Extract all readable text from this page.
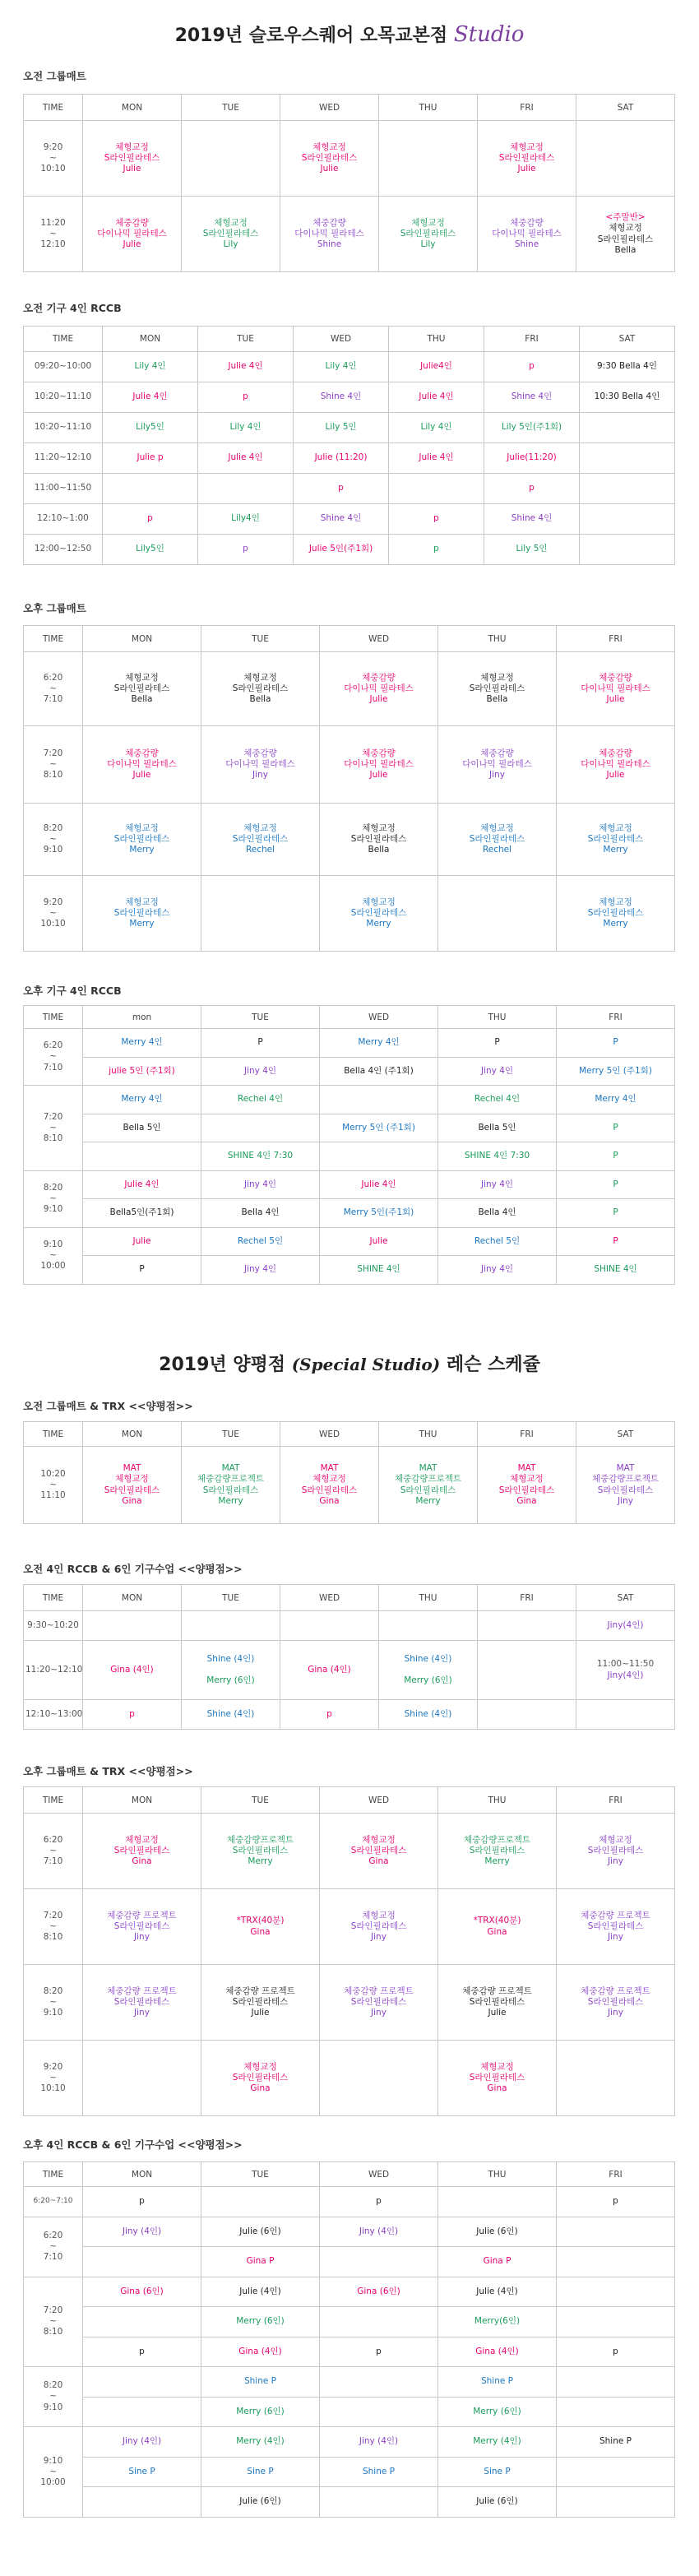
2019년 슬로우스퀘어 오목교본점 Studio
오전 그룹매트
TIME	MON	TUE	WED	THU	FRI	SAT

9:20
~
10:10	체형교정
S라인필라테스
Julie		체형교정
S라인필라테스
Julie		체형교정
S라인필라테스
Julie	

11:20
~
12:10	체중감량
다이나믹 필라테스
Julie	체형교정
S라인필라테스
Lily	체중감량
다이나믹 필라테스
Shine	체형교정
S라인필라테스
Lily	체중감량
다이나믹 필라테스
Shine	<주말반>
체형교정
S라인필라테스
Bella
오전 기구 4인 RCCB
TIME	MON	TUE	WED	THU	FRI	SAT

09:20~10:00	Lily 4인	Julie 4인	Lily 4인	Julie4인	p	9:30 Bella 4인

10:20~11:10	Julie 4인	p	Shine 4인	Julie 4인	Shine 4인	10:30 Bella 4인

10:20~11:10	Lily5인	Lily 4인	Lily 5인	Lily 4인	Lily 5인(주1회)	

11:20~12:10	Julie p	Julie 4인	Julie (11:20)	Julie 4인	Julie(11:20)	

11:00~11:50			p		p	

12:10~1:00	p	Lily4인	Shine 4인	p	Shine 4인	

12:00~12:50	Lily5인	p	Julie 5인(주1회)	p	Lily 5인	

오후 그룹매트
TIME	MON	TUE	WED	THU	FRI

6:20
~
7:10	체형교정
S라인필라테스
Bella	체형교정
S라인필라테스
Bella	체중감량
다이나믹 필라테스
Julie	체형교정
S라인필라테스
Bella	체중감량
다이나믹 필라테스
Julie

7:20
~
8:10	체중감량
다이나믹 필라테스
Julie	체중감량
다이나믹 필라테스
Jiny	체중감량
다이나믹 필라테스
Julie	체중감량
다이나믹 필라테스
Jiny	체중감량
다이나믹 필라테스
Julie

8:20
~
9:10	체형교정
S라인필라테스
Merry	체형교정
S라인필라테스
Rechel	체형교정
S라인필라테스
Bella	체형교정
S라인필라테스
Rechel	체형교정
S라인필라테스
Merry

9:20
~
10:10	체형교정
S라인필라테스
Merry		체형교정
S라인필라테스
Merry		체형교정
S라인필라테스
Merry
오후 기구 4인 RCCB
TIME	mon	TUE	WED	THU	FRI

6:20
~
7:10	Merry 4인	P	Merry 4인	P	P

	julie 5인 (주1회)	Jiny 4인	Bella 4인 (주1회)	Jiny 4인	Merry 5인 (주1회)

7:20
~
8:10	Merry 4인	Rechel 4인		Rechel 4인	Merry 4인

	Bella 5인		Merry 5인 (주1회)	Bella 5인	P

		SHINE 4인 7:30		SHINE 4인 7:30	P

8:20
~
9:10	Julie 4인	Jiny 4인	Julie 4인	Jiny 4인	P

	Bella5인(주1회)	Bella 4인	Merry 5인(주1회)	Bella 4인	P

9:10
~
10:00	Julie	Rechel 5인	Julie	Rechel 5인	P

	P	Jiny 4인	SHINE 4인	Jiny 4인	SHINE 4인
2019년 양평점 (Special Studio) 레슨 스케쥴
오전 그룹매트 & TRX <<양평점>>
TIME	MON	TUE	WED	THU	FRI	SAT

10:20
~
11:10	MAT
체형교정
S라인필라테스
Gina	MAT
체중감량프로젝트
S라인필라테스
Merry	MAT
체형교정
S라인필라테스
Gina	MAT
체중감량프로젝트
S라인필라테스
Merry	MAT
체형교정
S라인필라테스
Gina	MAT
체중감량프로젝트
S라인필라테스
Jiny
오전 4인 RCCB & 6인 기구수업 <<양평점>>
TIME	MON	TUE	WED	THU	FRI	SAT

9:30~10:20						Jiny(4인)

11:20~12:10	Gina (4인)	Shine (4인)
Merry (6인)	Gina (4인)	Shine (4인)
Merry (6인)		11:00~11:50
Jiny(4인)

12:10~13:00	p	Shine (4인)	p	Shine (4인)		

오후 그룹매트 & TRX <<양평점>>
TIME	MON	TUE	WED	THU	FRI

6:20
~
7:10	체형교정
S라인필라테스
Gina	체중감량프로젝트
S라인필라테스
Merry	체형교정
S라인필라테스
Gina	체중감량프로젝트
S라인필라테스
Merry	체형교정
S라인필라테스
Jiny

7:20
~
8:10	체중감량 프로젝트
S라인필라테스
Jiny	*TRX(40분)
Gina	체형교정
S라인필라테스
Jiny	*TRX(40분)
Gina	체중감량 프로젝트
S라인필라테스
Jiny

8:20
~
9:10	체중감량 프로젝트
S라인필라테스
Jiny	체중감량 프로젝트
S라인필라테스
Julie	체중감량 프로젝트
S라인필라테스
Jiny	체중감량 프로젝트
S라인필라테스
Julie	체중감량 프로젝트
S라인필라테스
Jiny

9:20
~
10:10		체형교정
S라인필라테스
Gina		체형교정
S라인필라테스
Gina	

오후 4인 RCCB & 6인 기구수업 <<양평점>>
TIME	MON	TUE	WED	THU	FRI

6:20~7:10	p		p		p

6:20
~
7:10	Jiny (4인)	Julie (6인)	Jiny (4인)	Julie (6인)	

		Gina P		Gina P	

7:20
~
8:10	Gina (6인)	Julie (4인)	Gina (6인)	Julie (4인)	

		Merry (6인)		Merry(6인)	

	p	Gina (4인)	p	Gina (4인)	p

8:20
~
9:10		Shine P		Shine P	

		Merry (6인)		Merry (6인)	

9:10
~
10:00	Jiny (4인)	Merry (4인)	Jiny (4인)	Merry (4인)	Shine P

	Sine P	Sine P	Shine P	Sine P	

		Julie (6인)		Julie (6인)	
